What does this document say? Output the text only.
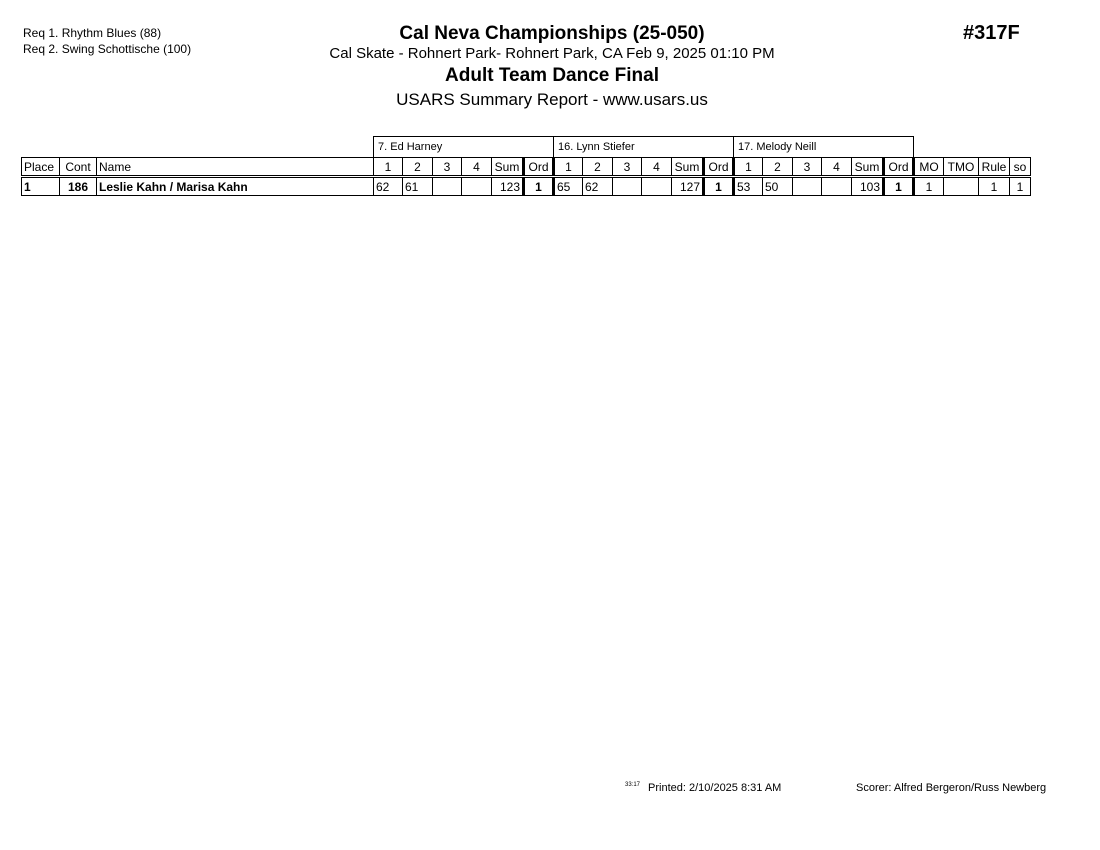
Req 1. Rhythm Blues (88)
Req 2. Swing Schottische (100)
Cal Neva Championships (25-050)
Cal Skate - Rohnert Park- Rohnert Park, CA Feb 9, 2025 01:10 PM
Adult Team Dance Final
USARS Summary Report - www.usars.us
#317F
			7. Ed Harney						16. Lynn Stiefer						17. Melody Neill									
Place	Cont	Name	1	2	3	4	Sum	Ord	1	2	3	4	Sum	Ord	1	2	3	4	Sum	Ord	MO	TMO	Rule	so
1	186	Leslie Kahn / Marisa Kahn	62	61			123	1	65	62			127	1	53	50			103	1	1		1	1
$^{33:17}$ Printed: 2/10/2025 8:31 AM	Scorer: Alfred Bergeron/Russ Newberg
